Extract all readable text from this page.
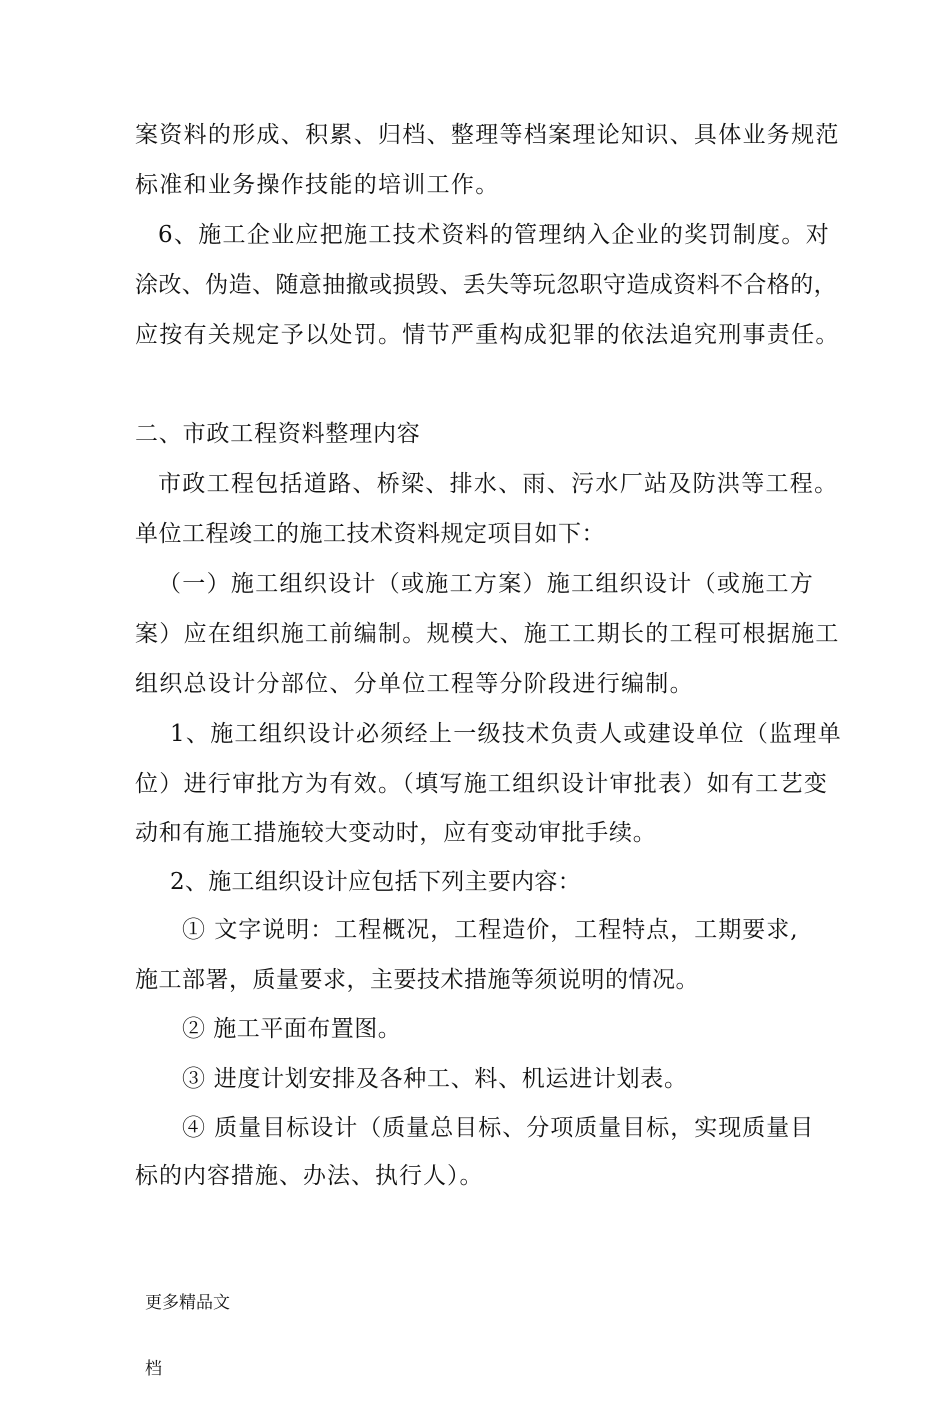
案资料的形成、积累、归档、整理等档案理论知识、具体业务规范
标准和业务操作技能的培训工作。
6、施工企业应把施工技术资料的管理纳入企业的奖罚制度。对
涂改、伪造、随意抽撤或损毁、丢失等玩忽职守造成资料不合格的，
应按有关规定予以处罚。情节严重构成犯罪的依法追究刑事责任。
二、市政工程资料整理内容
市政工程包括道路、桥梁、排水、雨、污水厂站及防洪等工程。
单位工程竣工的施工技术资料规定项目如下：
（一）施工组织设计（或施工方案）施工组织设计（或施工方
案）应在组织施工前编制。规模大、施工工期长的工程可根据施工
组织总设计分部位、分单位工程等分阶段进行编制。
1、施工组织设计必须经上一级技术负责人或建设单位（监理单
位）进行审批方为有效。（填写施工组织设计审批表）如有工艺变
动和有施工措施较大变动时，应有变动审批手续。
2、施工组织设计应包括下列主要内容：
① 文字说明：工程概况，工程造价，工程特点，工期要求,
施工部署，质量要求，主要技术措施等须说明的情况。
② 施工平面布置图。
③ 进度计划安排及各种工、料、机运进计划表。
④ 质量目标设计（质量总目标、分项质量目标，实现质量目
标的内容措施、办法、执行人）。

更多精品文

档
